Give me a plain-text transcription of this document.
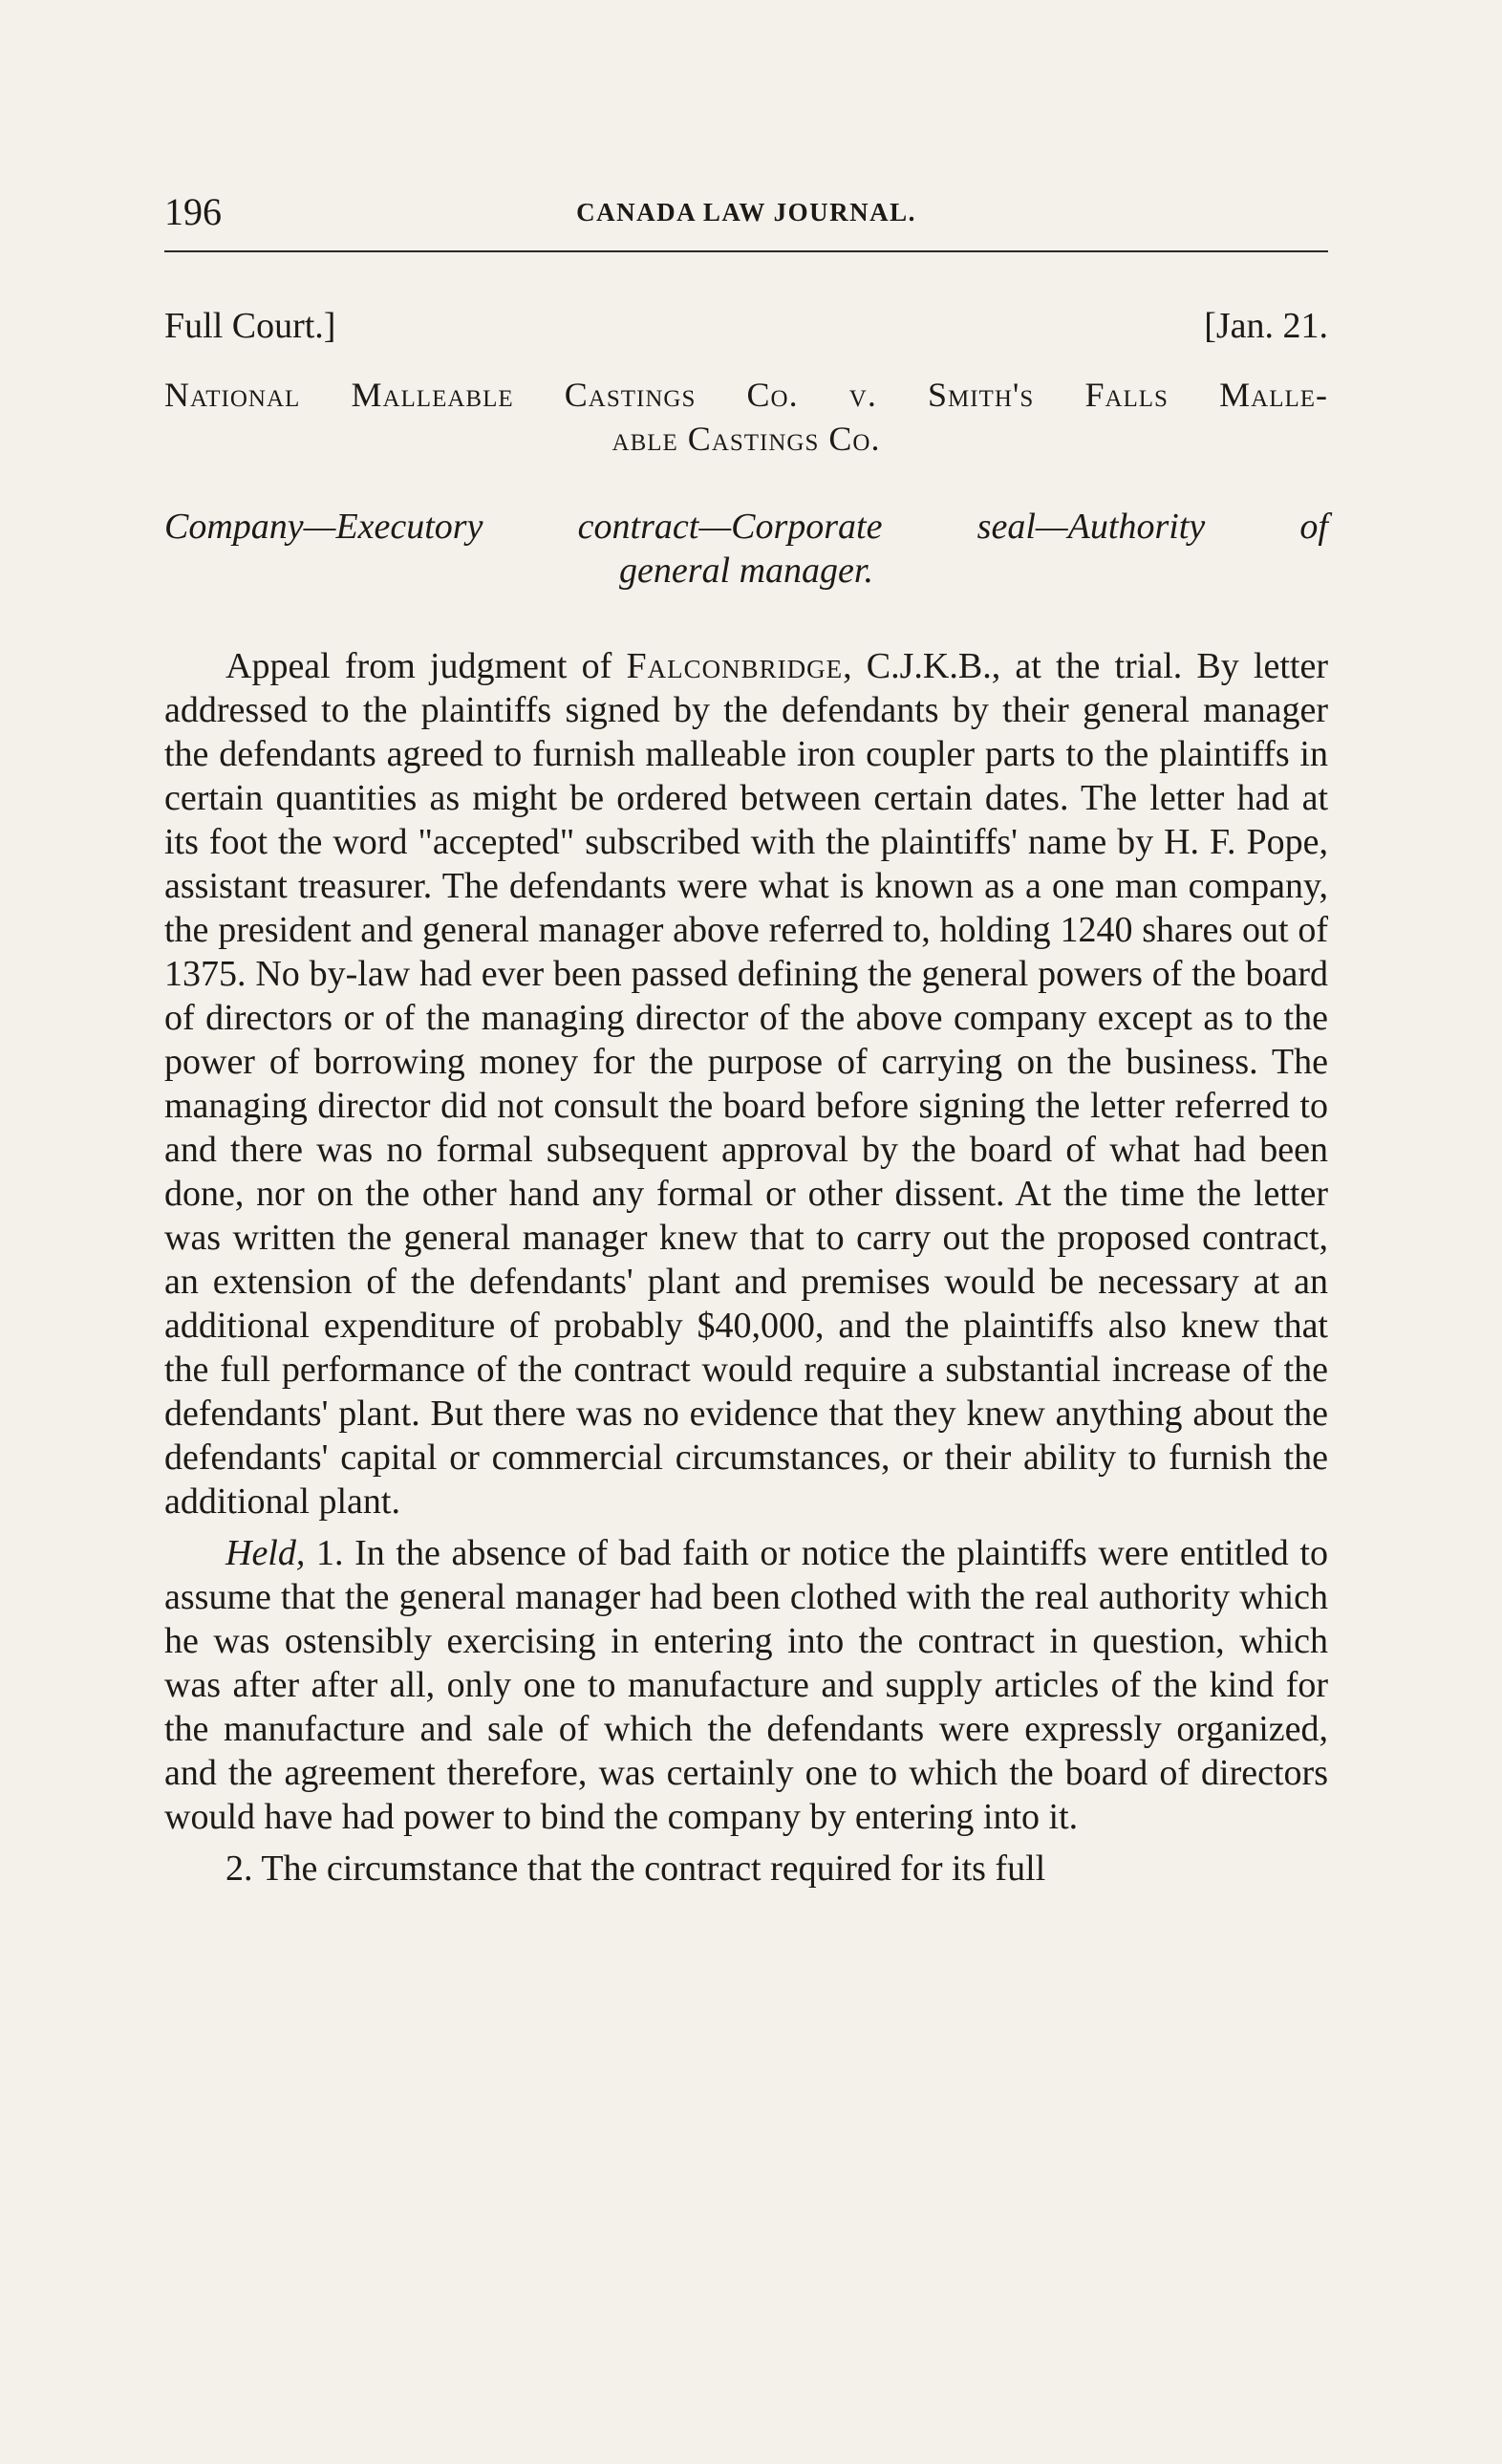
196	CANADA LAW JOURNAL.
Full Court.]	[Jan. 21.
National Malleable Castings Co. v. Smith's Falls Malle-
able Castings Co.
Company—Executory contract—Corporate seal—Authority of
general manager.

Appeal from judgment of Falconbridge, C.J.K.B., at the trial. By letter addressed to the plaintiffs signed by the defendants by their general manager the defendants agreed to furnish malleable iron coupler parts to the plaintiffs in certain quantities as might be ordered between certain dates. The letter had at its foot the word "accepted" subscribed with the plaintiffs' name by H. F. Pope, assistant treasurer. The defendants were what is known as a one man company, the president and general manager above referred to, holding 1240 shares out of 1375. No by-law had ever been passed defining the general powers of the board of directors or of the managing director of the above company except as to the power of borrowing money for the purpose of carrying on the business. The managing director did not consult the board before signing the letter referred to and there was no formal subsequent approval by the board of what had been done, nor on the other hand any formal or other dissent. At the time the letter was written the general manager knew that to carry out the proposed contract, an extension of the defendants' plant and premises would be necessary at an additional expenditure of probably $40,000, and the plaintiffs also knew that the full performance of the contract would require a substantial increase of the defendants' plant. But there was no evidence that they knew anything about the defendants' capital or commercial circumstances, or their ability to furnish the additional plant.

Held, 1. In the absence of bad faith or notice the plaintiffs were entitled to assume that the general manager had been clothed with the real authority which he was ostensibly exercising in entering into the contract in question, which was after after all, only one to manufacture and supply articles of the kind for the manufacture and sale of which the defendants were expressly organized, and the agreement therefore, was certainly one to which the board of directors would have had power to bind the company by entering into it.

2. The circumstance that the contract required for its full
